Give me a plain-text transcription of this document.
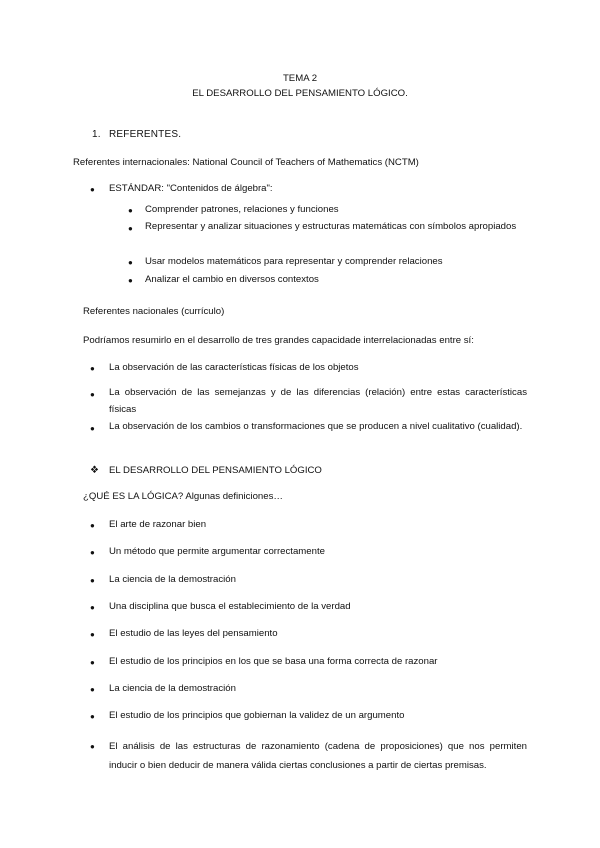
TEMA 2
EL DESARROLLO DEL PENSAMIENTO LÓGICO.
1. REFERENTES.
Referentes internacionales: National Council of Teachers of Mathematics (NCTM)
● ESTÁNDAR: "Contenidos de álgebra":
● Comprender patrones, relaciones y funciones
● Representar y analizar situaciones y estructuras matemáticas con símbolos apropiados
● Usar modelos matemáticos para representar y comprender relaciones
● Analizar el cambio en diversos contextos
Referentes nacionales (currículo)
Podríamos resumirlo en el desarrollo de tres grandes capacidade interrelacionadas entre sí:
● La observación de las características físicas de los objetos
● La observación de las semejanzas y de las diferencias (relación) entre estas características físicas
● La observación de los cambios o transformaciones que se producen a nivel cualitativo (cualidad).
❖ EL DESARROLLO DEL PENSAMIENTO LÓGICO
¿QUÉ ES LA LÓGICA? Algunas definiciones…
● El arte de razonar bien
● Un método que permite argumentar correctamente
● La ciencia de la demostración
● Una disciplina que busca el establecimiento de la verdad
● El estudio de las leyes del pensamiento
● El estudio de los principios en los que se basa una forma correcta de razonar
● La ciencia de la demostración
● El estudio de los principios que gobiernan la validez de un argumento
● El análisis de las estructuras de razonamiento (cadena de proposiciones) que nos permiten inducir o bien deducir de manera válida ciertas conclusiones a partir de ciertas premisas.
